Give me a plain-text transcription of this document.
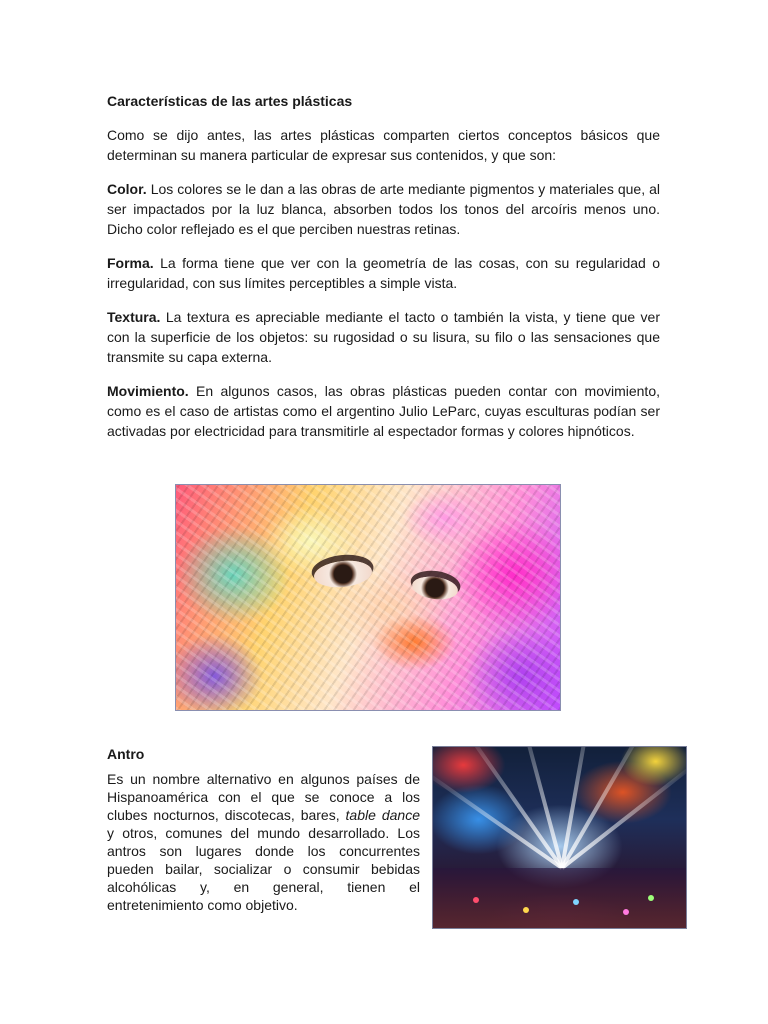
Características de las artes plásticas

Como se dijo antes, las artes plásticas comparten ciertos conceptos básicos que determinan su manera particular de expresar sus contenidos, y que son:

Color. Los colores se le dan a las obras de arte mediante pigmentos y materiales que, al ser impactados por la luz blanca, absorben todos los tonos del arcoíris menos uno. Dicho color reflejado es el que perciben nuestras retinas.

Forma. La forma tiene que ver con la geometría de las cosas, con su regularidad o irregularidad, con sus límites perceptibles a simple vista.

Textura. La textura es apreciable mediante el tacto o también la vista, y tiene que ver con la superficie de los objetos: su rugosidad o su lisura, su filo o las sensaciones que transmite su capa externa.

Movimiento. En algunos casos, las obras plásticas pueden contar con movimiento, como es el caso de artistas como el argentino Julio LeParc, cuyas esculturas podían ser activadas por electricidad para transmitirle al espectador formas y colores hipnóticos.

Antro

Es un nombre alternativo en algunos países de Hispanoamérica con el que se conoce a los clubes nocturnos, discotecas, bares, table dance y otros, comunes del mundo desarrollado. Los antros son lugares donde los concurrentes pueden bailar, socializar o consumir bebidas alcohólicas y, en general, tienen el entretenimiento como objetivo.
